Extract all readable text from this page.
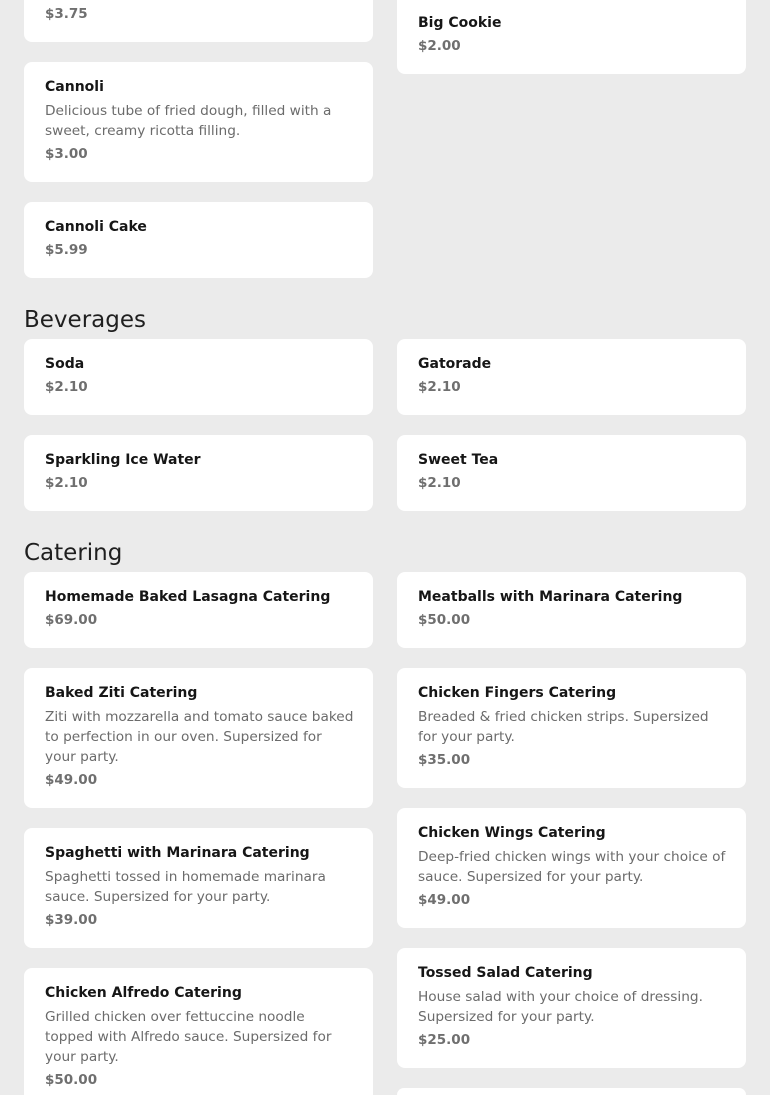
$3.75
Big Cookie
$2.00
Cannoli
Delicious tube of fried dough, filled with a sweet, creamy ricotta filling.
$3.00
Cannoli Cake
$5.99
Beverages
Soda
$2.10
Gatorade
$2.10
Sparkling Ice Water
$2.10
Sweet Tea
$2.10
Catering
Homemade Baked Lasagna Catering
$69.00
Meatballs with Marinara Catering
$50.00
Baked Ziti Catering
Ziti with mozzarella and tomato sauce baked to perfection in our oven. Supersized for your party.
$49.00
Chicken Fingers Catering
Breaded & fried chicken strips. Supersized for your party.
$35.00
Spaghetti with Marinara Catering
Spaghetti tossed in homemade marinara sauce. Supersized for your party.
$39.00
Chicken Wings Catering
Deep-fried chicken wings with your choice of sauce. Supersized for your party.
$49.00
Chicken Alfredo Catering
Grilled chicken over fettuccine noodle topped with Alfredo sauce. Supersized for your party.
$50.00
Tossed Salad Catering
House salad with your choice of dressing. Supersized for your party.
$25.00
